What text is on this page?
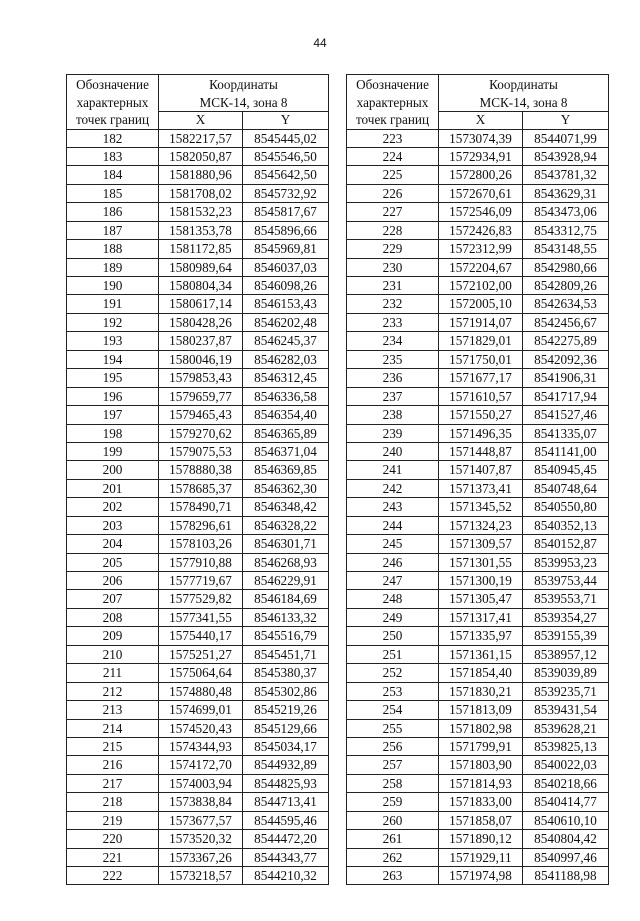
44
Обозначение
характерных
точек границ	Координаты
МСК-14, зона 8	
	X	Y
182	1582217,57	8545445,02
183	1582050,87	8545546,50
184	1581880,96	8545642,50
185	1581708,02	8545732,92
186	1581532,23	8545817,67
187	1581353,78	8545896,66
188	1581172,85	8545969,81
189	1580989,64	8546037,03
190	1580804,34	8546098,26
191	1580617,14	8546153,43
192	1580428,26	8546202,48
193	1580237,87	8546245,37
194	1580046,19	8546282,03
195	1579853,43	8546312,45
196	1579659,77	8546336,58
197	1579465,43	8546354,40
198	1579270,62	8546365,89
199	1579075,53	8546371,04
200	1578880,38	8546369,85
201	1578685,37	8546362,30
202	1578490,71	8546348,42
203	1578296,61	8546328,22
204	1578103,26	8546301,71
205	1577910,88	8546268,93
206	1577719,67	8546229,91
207	1577529,82	8546184,69
208	1577341,55	8546133,32
209	1575440,17	8545516,79
210	1575251,27	8545451,71
211	1575064,64	8545380,37
212	1574880,48	8545302,86
213	1574699,01	8545219,26
214	1574520,43	8545129,66
215	1574344,93	8545034,17
216	1574172,70	8544932,89
217	1574003,94	8544825,93
218	1573838,84	8544713,41
219	1573677,57	8544595,46
220	1573520,32	8544472,20
221	1573367,26	8544343,77
222	1573218,57	8544210,32
Обозначение
характерных
точек границ	Координаты
МСК-14, зона 8	
	X	Y
223	1573074,39	8544071,99
224	1572934,91	8543928,94
225	1572800,26	8543781,32
226	1572670,61	8543629,31
227	1572546,09	8543473,06
228	1572426,83	8543312,75
229	1572312,99	8543148,55
230	1572204,67	8542980,66
231	1572102,00	8542809,26
232	1572005,10	8542634,53
233	1571914,07	8542456,67
234	1571829,01	8542275,89
235	1571750,01	8542092,36
236	1571677,17	8541906,31
237	1571610,57	8541717,94
238	1571550,27	8541527,46
239	1571496,35	8541335,07
240	1571448,87	8541141,00
241	1571407,87	8540945,45
242	1571373,41	8540748,64
243	1571345,52	8540550,80
244	1571324,23	8540352,13
245	1571309,57	8540152,87
246	1571301,55	8539953,23
247	1571300,19	8539753,44
248	1571305,47	8539553,71
249	1571317,41	8539354,27
250	1571335,97	8539155,39
251	1571361,15	8538957,12
252	1571854,40	8539039,89
253	1571830,21	8539235,71
254	1571813,09	8539431,54
255	1571802,98	8539628,21
256	1571799,91	8539825,13
257	1571803,90	8540022,03
258	1571814,93	8540218,66
259	1571833,00	8540414,77
260	1571858,07	8540610,10
261	1571890,12	8540804,42
262	1571929,11	8540997,46
263	1571974,98	8541188,98
